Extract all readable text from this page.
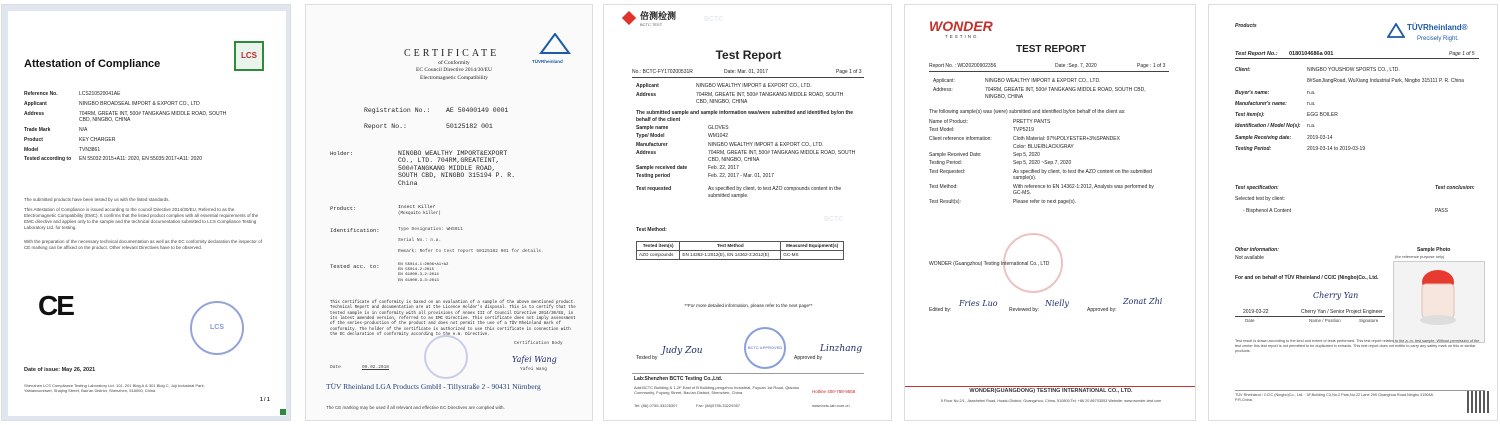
Attestation of Compliance
LCS
Reference No.	LCS210520041AE
Applicant	NINGBO BROADSEAL IMPORT & EXPORT CO., LTD
Address	704RM, GREATE INT, 500# TANGKANG MIDDLE ROAD, SOUTH CBD, NINGBO, CHINA
Trade Mark	N/A
Product	KEY CHARGER
Model	TVN3861
Tested according to	EN 55032:2015+A11: 2020, EN 55035:2017+A11: 2020
The submitted products have been tested by us with the listed standards.
This Attestation of Compliance is issued according to the council Directive 2014/30/EU, Referred to as the Electromagnetic Compatibility (EMC). It confirms that the listed product complies with all essential requirements of the EMC directive and applies only to the sample and the technical documentation submitted to LCS Compliance Testing Laboratory Ltd. for testing.
With the preparation of the necessary technical documentation as well as the EC conformity declaration the inspector of CE marking can be affixed on the product. Other relevant Directives have to be observed.
CE
LCS
Date of issue: May 26, 2021
Shenzhen LCS Compliance Testing Laboratory Ltd. 101, 201 Bldg A & 301 Bldg C, Juji Industrial Park, Yabianxueziwei, Shajing Street, Bao'an District, Shenzhen, 518000, China
1 / 1
CERTIFICATE
of Conformity
EC Council Directive 2014/30/EU
Electromagnetic Compatibility
TÜVRheinland
Registration No.: AE 50400149 0001
Report No.:	50125182 001
Holder:	NINGBO WEALTHY IMPORT&EXPORT CO., LTD. 704RM,GREATEINT, 500#TANGKANG MIDDLE ROAD, SOUTH CBD, NINGBO 315194 P. R. China
Product:	Insect Killer
(Mosquito killer)
Identification:	Type Designation: WHS011
Serial No.: n.a.
Remark: Refer to test report 50125182 001 for details.
Tested acc. to:	EN 55014-1:2006+A1+A2
EN 55014-2:2015
EN 61000-3-2:2014
EN 61000-3-3:2013
This certificate of conformity is based on an evaluation of a sample of the above mentioned product. Technical Report and documentation are at the Licence Holder's disposal. This is to certify that the tested sample is in conformity with all provisions of Annex III of Council Directive 2014/30/EU, in its latest amended version, referred to as EMC Directive. This certificate does not imply assessment of the series-production of the product and does not permit the use of a TÜV Rheinland mark of conformity. The holder of the certificate is authorized to use this certificate in connection with the EC declaration of conformity according to the e.m. Directive.
Certification Body
Yafei Wang
Yafei Wang
Date	09.02.2018
TÜV Rheinland LGA Products GmbH - Tillystraße 2 - 90431 Nürnberg
The CE marking may be used if all relevant and effective EC Directives are complied with.
倍测检测
BCTC TEST
Test Report
No.: BCTC-FY170200531R	Date: Mar. 01, 2017	Page 1 of 3
Applicant	NINGBO WEALTHY IMPORT & EXPORT CO., LTD.
Address	704RM, GREATE INT, 500# TANGKANG MIDDLE ROAD, SOUTH CBD, NINGBO, CHINA
The submitted sample and sample information was/were submitted and identified by/on the behalf of the client
Sample name	GLOVES
Type/ Model	WM1042
Manufacturer	NINGBO WEALTHY IMPORT & EXPORT CO., LTD.
Address	704RM, GREATE INT, 500# TANGKANG MIDDLE ROAD, SOUTH CBD, NINGBO, CHINA
Sample received date	Feb. 22, 2017
Testing period	Feb. 22, 2017 - Mar. 01, 2017
Test requested	As specified by client, to test AZO compounds content in the submitted sample.
Test Method:
Tested item(s)	Test Method	Measured Equipment(s)
AZO compounds	EN 14362-1:2012(E), EN 14362-3:2012(E)	GC-MS
**For more detailed information, please refer to the next page**
BCTC APPROVED
Tested by
Judy Zou
Approved by
Linzhang
Lab:Shenzhen BCTC Testing Co.,Ltd.
Add:BCTC Building & 1-2F East of B Building,pengzhou Industrial, Fuyuan 1st Road, Qiaotou Community, Fuyong Street, Bao'an District, Shenzhen, China
Tel: (86) 0755-33225307	Fax: (86)0755-33229357
Hotline 400-788-9558
www.bctc-lab.com.cn
BCTC
BCTC
WONDER
TESTING
TEST REPORT
Report No. : WD20200902356	Date :Sep. 7, 2020	Page : 1 of 3
Applicant:	NINGBO WEALTHY IMPORT & EXPORT CO., LTD.
Address:	704RM, GREATE INT, 500# TANGKANG MIDDLE ROAD, SOUTH CBD, NINGBO, CHINA
The following sample(s) was (were) submitted and identified by/on behalf of the client as:
Name of Product:	PRETTY PANTS
Test Model:	TVP5219
Client reference information:	Cloth Material: 97%POLYESTER+3%SPANDEX
Color: BLUE/BLACK/GRAY
Sample Received Date:	Sep 5, 2020
Testing Period:	Sep 5, 2020 ~Sep.7, 2020
Test Requested:	As specified by client, to test the AZO content on the submitted sample(s).
Test Method:	With reference to EN 14362-1:2012, Analysis was performed by GC-MS.
Test Result(s):	Please refer to next page(s).
WONDER (Guangzhou) Testing International Co., LTD
Edited by:
Fries Luo
Reviewed by:
Nielly
Approved by:
Zonat Zhi
WONDER(GUANGDONG) TESTING INTERNATIONAL CO., LTD.
5 Floor No.2/1, Jianshebei Road, Huadu District, Guangzhou, China, 510800 Tel: +86 20 86703553 Website: www.wonder-test.com
Products	TÜVRheinland®
Precisely Right.
Test Report No.: 0180104686a 001	Page 1 of 5
Client:	NINGBO YOUSHOW SPORTS CO., LTD.
8#SanJiangRoad, WuXiang Industrial Park, Ningbo 315111 P. R. China
Buyer's name:	n.a.
Manufacturer's name:	n.a.
Test item(s):	EGG BOILER
Identification / Model No(s):	n.a.
Sample Receiving date:	2019-03-14
Testing Period:	2019-03-14 to 2019-03-19
Test specification:	Test conclusion:
Selected test by client:
- Bisphenol A Content	PASS
Other information:
Not available
Sample Photo
(for reference purpose only)
For and on behalf of TÜV Rheinland / CCIC (Ningbo)Co., Ltd.
Cherry Yan
2019-03-22	Cherry Yan / Senior Project Engineer
Date	Name / Position	Signature
Test result is drawn according to the kind and extent of tests performed. This test report relates to the a. m. test sample. Without permission of the test center this test report is not permitted to be duplicated in extracts. This test report does not entitle to carry any safety mark on this or similar products.
TÜV Rheinland / CCIC (Ningbo)Co., Ltd. · 3F,Building C3,No.2 Park,No.22 Lane 299 Guanghua Road,Ningbo 315048, P.R.China
